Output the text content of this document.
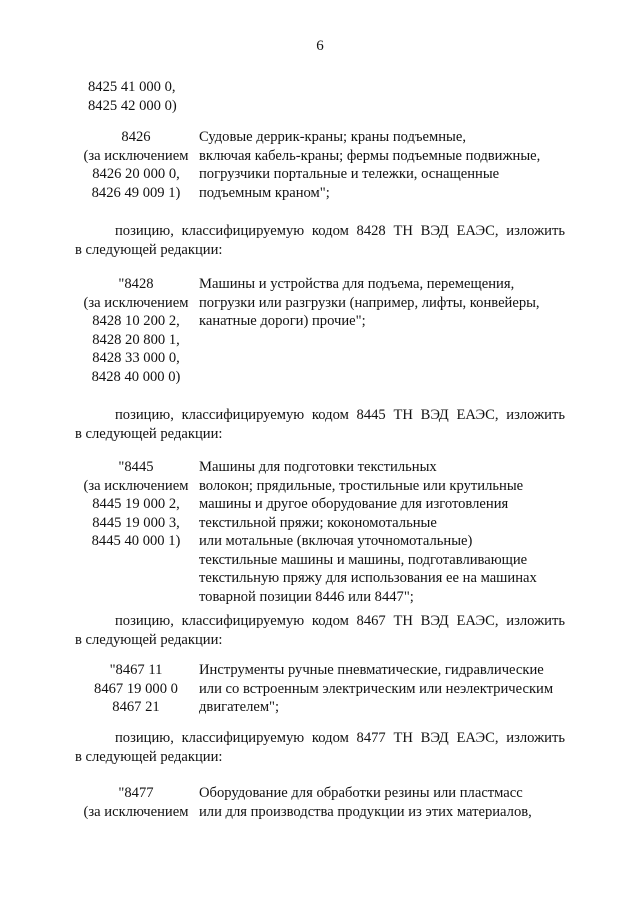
6
8425 41 000 0,
8425 42 000 0)
8426
(за исключением
8426 20 000 0,
8426 49 009 1)
Судовые деррик-краны; краны подъемные,
включая кабель-краны; фермы подъемные подвижные,
погрузчики портальные и тележки, оснащенные
подъемным краном";
позицию, классифицируемую кодом 8428 ТН ВЭД ЕАЭС, изложить
в следующей редакции:
"8428
(за исключением
8428 10 200 2,
8428 20 800 1,
8428 33 000 0,
8428 40 000 0)
Машины и устройства для подъема, перемещения,
погрузки или разгрузки (например, лифты, конвейеры,
канатные дороги) прочие";
позицию, классифицируемую кодом 8445 ТН ВЭД ЕАЭС, изложить
в следующей редакции:
"8445
(за исключением
8445 19 000 2,
8445 19 000 3,
8445 40 000 1)
Машины для подготовки текстильных
волокон; прядильные, тростильные или крутильные
машины и другое оборудование для изготовления
текстильной пряжи; кокономотальные
или мотальные (включая уточномотальные)
текстильные машины и машины, подготавливающие
текстильную пряжу для использования ее на машинах
товарной позиции 8446 или 8447";
позицию, классифицируемую кодом 8467 ТН ВЭД ЕАЭС, изложить
в следующей редакции:
"8467 11
8467 19 000 0
8467 21
Инструменты ручные пневматические, гидравлические
или со встроенным электрическим или неэлектрическим
двигателем";
позицию, классифицируемую кодом 8477 ТН ВЭД ЕАЭС, изложить
в следующей редакции:
"8477
(за исключением
Оборудование для обработки резины или пластмасс
или для производства продукции из этих материалов,
